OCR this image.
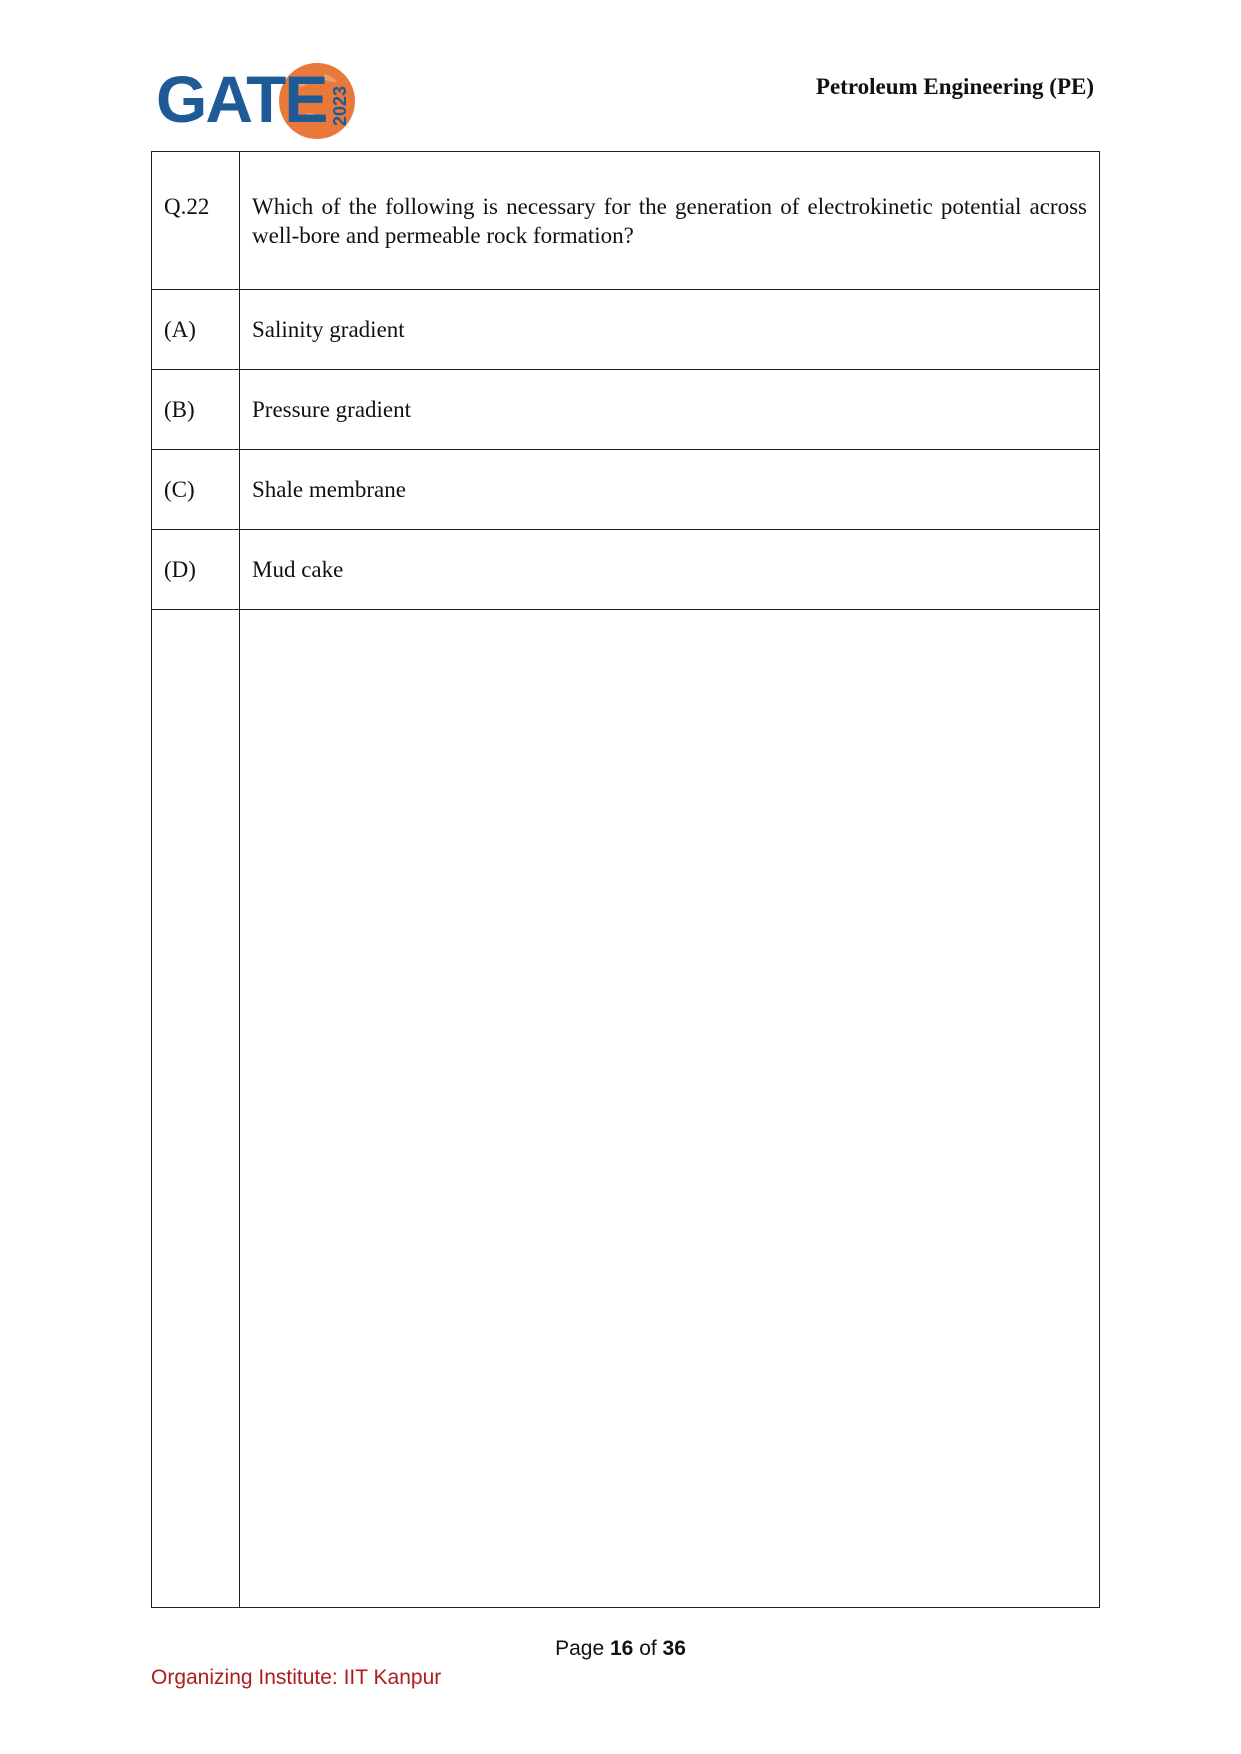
GATE 2023	Petroleum Engineering (PE)
Q.22	Which of the following is necessary for the generation of electrokinetic potential across well-bore and permeable rock formation?
(A)	Salinity gradient
(B)	Pressure gradient
(C)	Shale membrane
(D)	Mud cake

Page 16 of 36
Organizing Institute: IIT Kanpur
